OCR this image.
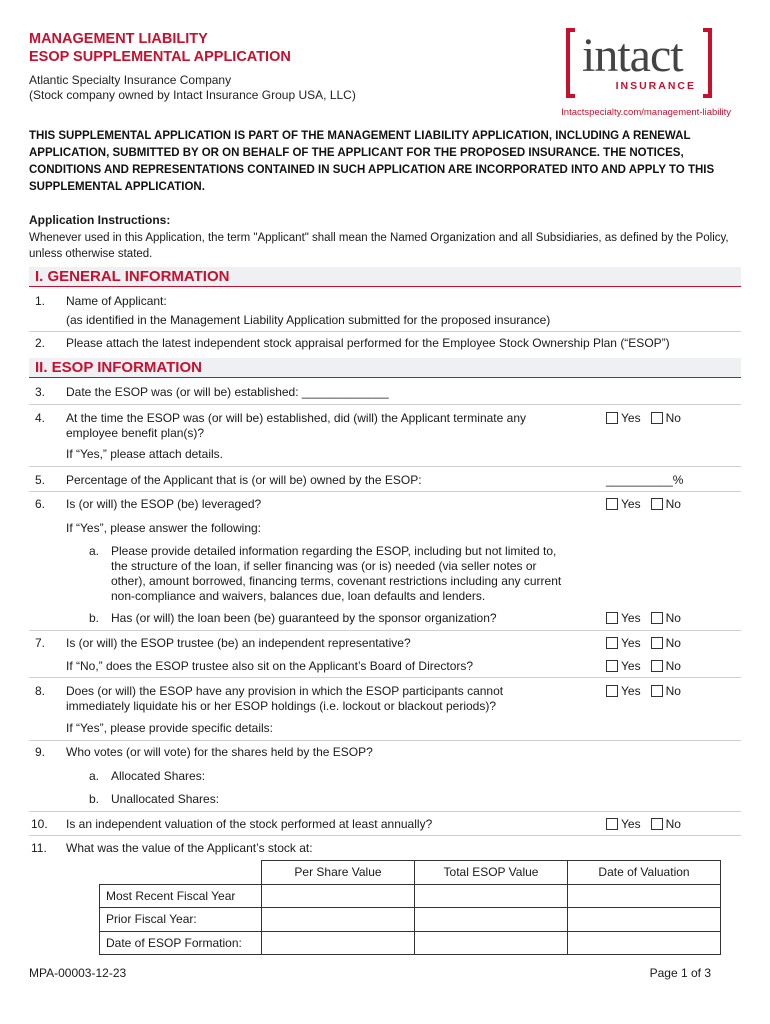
MANAGEMENT LIABILITY
ESOP SUPPLEMENTAL APPLICATION
Atlantic Specialty Insurance Company
(Stock company owned by Intact Insurance Group USA, LLC)
intact
INSURANCE
Intactspecialty.com/management-liability
THIS SUPPLEMENTAL APPLICATION IS PART OF THE MANAGEMENT LIABILITY APPLICATION, INCLUDING A RENEWAL APPLICATION, SUBMITTED BY OR ON BEHALF OF THE APPLICANT FOR THE PROPOSED INSURANCE. THE NOTICES, CONDITIONS AND REPRESENTATIONS CONTAINED IN SUCH APPLICATION ARE INCORPORATED INTO AND APPLY TO THIS SUPPLEMENTAL APPLICATION.
Application Instructions:
Whenever used in this Application, the term "Applicant" shall mean the Named Organization and all Subsidiaries, as defined by the Policy, unless otherwise stated.
I. GENERAL INFORMATION
1. Name of Applicant:
(as identified in the Management Liability Application submitted for the proposed insurance)
2. Please attach the latest independent stock appraisal performed for the Employee Stock Ownership Plan (“ESOP”)
II. ESOP INFORMATION
3. Date the ESOP was (or will be) established: _____________
4. At the time the ESOP was (or will be) established, did (will) the Applicant terminate any employee benefit plan(s)?
Yes No
If “Yes,” please attach details.
5. Percentage of the Applicant that is (or will be) owned by the ESOP:	__________%
6. Is (or will) the ESOP (be) leveraged?	Yes No
If “Yes”, please answer the following:
a. Please provide detailed information regarding the ESOP, including but not limited to, the structure of the loan, if seller financing was (or is) needed (via seller notes or other), amount borrowed, financing terms, covenant restrictions including any current non-compliance and waivers, balances due, loan defaults and lenders.
b. Has (or will) the loan been (be) guaranteed by the sponsor organization?	Yes No
7. Is (or will) the ESOP trustee (be) an independent representative?	Yes No
If “No,” does the ESOP trustee also sit on the Applicant’s Board of Directors?	Yes No
8. Does (or will) the ESOP have any provision in which the ESOP participants cannot immediately liquidate his or her ESOP holdings (i.e. lockout or blackout periods)?
Yes No
If “Yes”, please provide specific details:
9. Who votes (or will vote) for the shares held by the ESOP?
a. Allocated Shares:
b. Unallocated Shares:
10. Is an independent valuation of the stock performed at least annually?	Yes No
11. What was the value of the Applicant’s stock at:
	Per Share Value	Total ESOP Value	Date of Valuation
Most Recent Fiscal Year			
Prior Fiscal Year:			
Date of ESOP Formation:			
MPA-00003-12-23	Page 1 of 3
